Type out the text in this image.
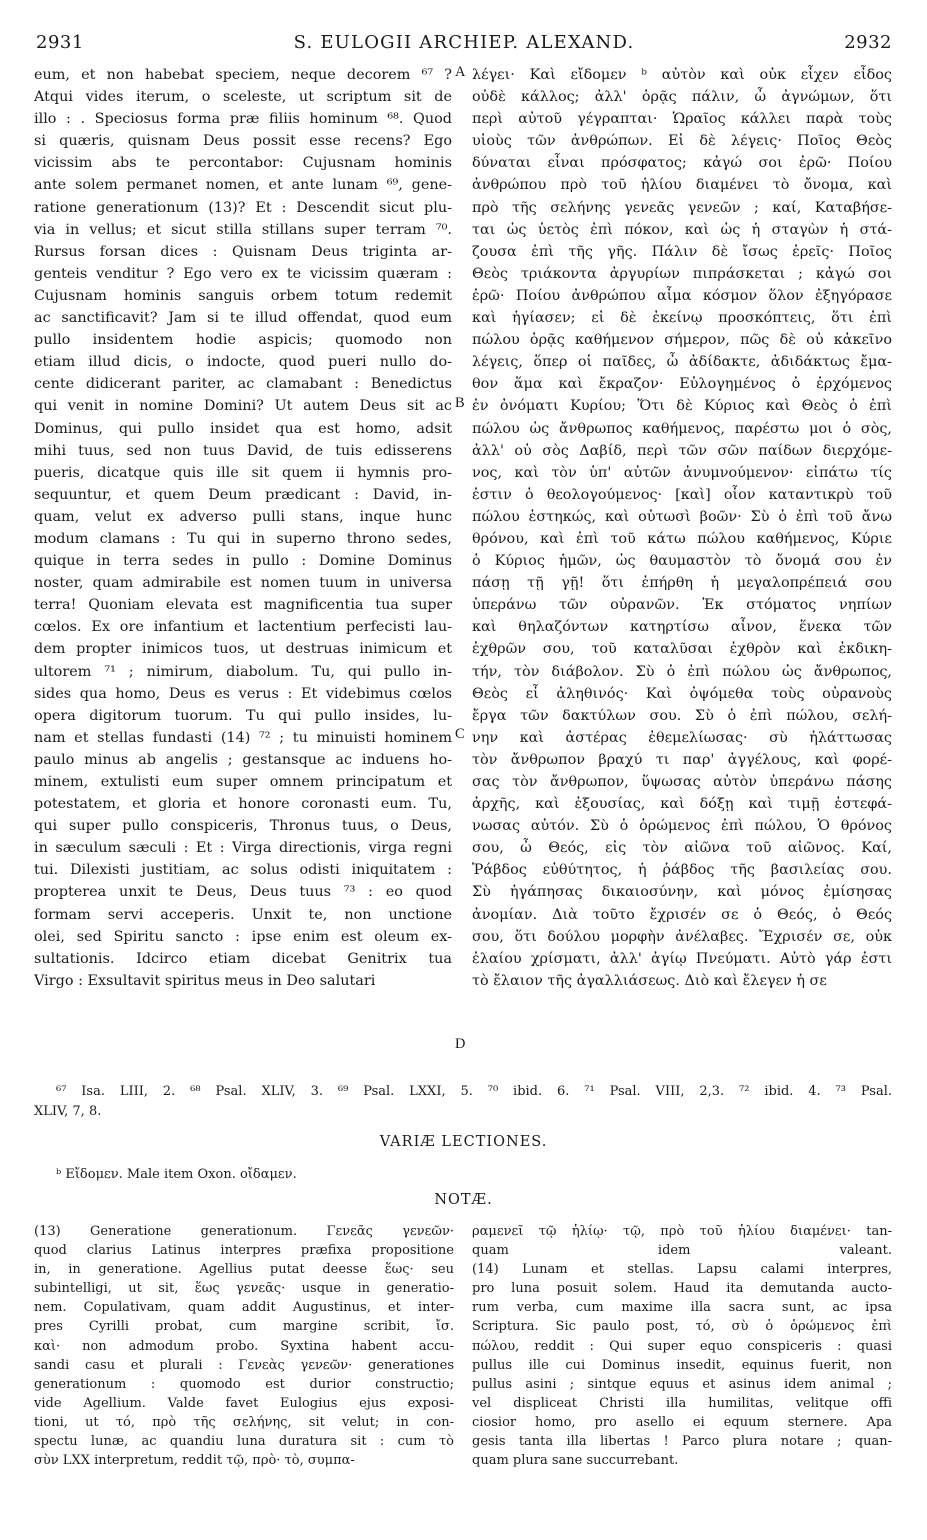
S. EULOGII ARCHIEP. ALEXAND.
2931	2932
eum, et non habebat speciem, neque decorem ⁶⁷ ?
Atqui vides iterum, o sceleste, ut scriptum sit de
illo : . Speciosus forma præ filiis hominum ⁶⁸. Quod
si quæris, quisnam Deus possit esse recens? Ego
vicissim abs te percontabor: Cujusnam hominis
ante solem permanet nomen, et ante lunam ⁶⁹, gene-
ratione generationum (13)? Et : Descendit sicut plu-
via in vellus; et sicut stilla stillans super terram ⁷⁰.
Rursus forsan dices : Quisnam Deus triginta ar-
genteis venditur ? Ego vero ex te vicissim quæram :
Cujusnam hominis sanguis orbem totum redemit
ac sanctificavit? Jam si te illud offendat, quod eum
pullo insidentem hodie aspicis; quomodo non
etiam illud dicis, o indocte, quod pueri nullo do-
cente didicerant pariter, ac clamabant : Benedictus
qui venit in nomine Domini? Ut autem Deus sit ac
Dominus, qui pullo insidet qua est homo, adsit
mihi tuus, sed non tuus David, de tuis edisserens
pueris, dicatque quis ille sit quem ii hymnis pro-
sequuntur, et quem Deum prædicant : David, in-
quam, velut ex adverso pulli stans, inque hunc
modum clamans : Tu qui in superno throno sedes,
quique in terra sedes in pullo : Domine Dominus
noster, quam admirabile est nomen tuum in universa
terra! Quoniam elevata est magnificentia tua super
cœlos. Ex ore infantium et lactentium perfecisti lau-
dem propter inimicos tuos, ut destruas inimicum et
ultorem ⁷¹ ; nimirum, diabolum. Tu, qui pullo in-
sides qua homo, Deus es verus : Et videbimus cœlos
opera digitorum tuorum. Tu qui pullo insides, lu-
nam et stellas fundasti (14) ⁷² ; tu minuisti hominem
paulo minus ab angelis ; gestansque ac induens ho-
minem, extulisti eum super omnem principatum et
potestatem, et gloria et honore coronasti eum. Tu,
qui super pullo conspiceris, Thronus tuus, o Deus,
in sæculum sæculi : Et : Virga directionis, virga regni
tui. Dilexisti justitiam, ac solus odisti iniquitatem :
propterea unxit te Deus, Deus tuus ⁷³ : eo quod
formam servi acceperis. Unxit te, non unctione
olei, sed Spiritu sancto : ipse enim est oleum ex-
sultationis. Idcirco etiam dicebat Genitrix tua
Virgo : Exsultavit spiritus meus in Deo salutari
λέγει· Καὶ εἴδομεν ᵇ αὐτὸν καὶ οὐκ εἶχεν εἶδος
οὐδὲ κάλλος; ἀλλ' ὁρᾷς πάλιν, ὦ ἀγνώμων, ὅτι
περὶ αὐτοῦ γέγραπται· Ὡραῖος κάλλει παρὰ τοὺς
υἱοὺς τῶν ἀνθρώπων. Εἰ δὲ λέγεις· Ποῖος Θεὸς
δύναται εἶναι πρόσφατος; κἀγώ σοι ἐρῶ· Ποίου
ἀνθρώπου πρὸ τοῦ ἡλίου διαμένει τὸ ὄνομα, καὶ
πρὸ τῆς σελήνης γενεᾶς γενεῶν ; καί, Καταβήσε-
ται ὡς ὑετὸς ἐπὶ πόκον, καὶ ὡς ἡ σταγὼν ἡ στά-
ζουσα ἐπὶ τῆς γῆς. Πάλιν δὲ ἴσως ἐρεῖς· Ποῖος
Θεὸς τριάκοντα ἀργυρίων πιπράσκεται ; κἀγώ σοι
ἐρῶ· Ποίου ἀνθρώπου αἷμα κόσμον ὅλον ἐξηγόρασε
καὶ ἡγίασεν; εἰ δὲ ἐκείνῳ προσκόπτεις, ὅτι ἐπὶ
πώλου ὁρᾷς καθήμενον σήμερον, πῶς δὲ οὐ κἀκεῖνο
λέγεις, ὅπερ οἱ παῖδες, ὦ ἀδίδακτε, ἀδιδάκτως ἔμα-
θον ἅμα καὶ ἔκραζον· Εὐλογημένος ὁ ἐρχόμενος
ἐν ὀνόματι Κυρίου; Ὅτι δὲ Κύριος καὶ Θεὸς ὁ ἐπὶ
πώλου ὡς ἄνθρωπος καθήμενος, παρέστω μοι ὁ σὸς,
ἀλλ' οὐ σὸς Δαβίδ, περὶ τῶν σῶν παίδων διερχόμε-
νος, καὶ τὸν ὑπ' αὐτῶν ἀνυμνούμενον· εἰπάτω τίς
ἐστιν ὁ θεολογούμενος· [καὶ] οἷον καταντικρὺ τοῦ
πώλου ἑστηκώς, καὶ οὑτωσὶ βοῶν· Σὺ ὁ ἐπὶ τοῦ ἄνω
θρόνου, καὶ ἐπὶ τοῦ κάτω πώλου καθήμενος, Κύριε
ὁ Κύριος ἡμῶν, ὡς θαυμαστὸν τὸ ὄνομά σου ἐν
πάσῃ τῇ γῇ! ὅτι ἐπήρθη ἡ μεγαλοπρέπειά σου
ὑπεράνω τῶν οὐρανῶν. Ἐκ στόματος νηπίων
καὶ θηλαζόντων κατηρτίσω αἶνον, ἕνεκα τῶν
ἐχθρῶν σου, τοῦ καταλῦσαι ἐχθρὸν καὶ ἐκδικη-
τήν, τὸν διάβολον. Σὺ ὁ ἐπὶ πώλου ὡς ἄνθρωπος,
Θεὸς εἶ ἀληθινός· Καὶ ὀψόμεθα τοὺς οὐρανοὺς
ἔργα τῶν δακτύλων σου. Σὺ ὁ ἐπὶ πώλου, σελή-
νην καὶ ἀστέρας ἐθεμελίωσας· σὺ ἠλάττωσας
τὸν ἄνθρωπον βραχύ τι παρ' ἀγγέλους, καὶ φορέ-
σας τὸν ἄνθρωπον, ὕψωσας αὐτὸν ὑπεράνω πάσης
ἀρχῆς, καὶ ἐξουσίας, καὶ δόξῃ καὶ τιμῇ ἐστεφά-
νωσας αὐτόν. Σὺ ὁ ὁρώμενος ἐπὶ πώλου, Ὁ θρόνος
σου, ὦ Θεός, εἰς τὸν αἰῶνα τοῦ αἰῶνος. Καί,
Ῥάβδος εὐθύτητος, ἡ ῥάβδος τῆς βασιλείας σου.
Σὺ ἠγάπησας δικαιοσύνην, καὶ μόνος ἐμίσησας
ἀνομίαν. Διὰ τοῦτο ἔχρισέν σε ὁ Θεός, ὁ Θεός
σου, ὅτι δούλου μορφὴν ἀνέλαβες. Ἔχρισέν σε, οὐκ
ἐλαίου χρίσματι, ἀλλ' ἁγίῳ Πνεύματι. Αὐτὸ γάρ ἐστι
τὸ ἔλαιον τῆς ἀγαλλιάσεως. Διὸ καὶ ἔλεγεν ἡ σε
A
B
C
D
⁶⁷ Isa. LIII, 2. ⁶⁸ Psal. XLIV, 3. ⁶⁹ Psal. LXXI, 5. ⁷⁰ ibid. 6. ⁷¹ Psal. VIII, 2,3. ⁷² ibid. 4. ⁷³ Psal.
XLIV, 7, 8.
VARIÆ LECTIONES.
ᵇ Εἴδομεν. Male item Oxon. οἴδαμεν.
NOTÆ.
(13) Generatione generationum. Γενεᾶς γενεῶν·
quod clarius Latinus interpres præfixa propositione
in, in generatione. Agellius putat deesse ἕως· seu
subintelligi, ut sit, ἕως γενεᾶς· usque in generatio-
nem. Copulativam, quam addit Augustinus, et inter-
pres Cyrilli probat, cum margine scribit, ἴσ.
καὶ· non admodum probo. Syxtina habent accu-
sandi casu et plurali : Γενεὰς γενεῶν· generationes
generationum : quomodo est durior constructio;
vide Agellium. Valde favet Eulogius ejus exposi-
tioni, ut τό, πρὸ τῆς σελήνης, sit velut; in con-
spectu lunæ, ac quandiu luna duratura sit : cum τὸ
σὺν LXX interpretum, reddit τῷ, πρὸ· τὸ, συμπα-
ραμενεῖ τῷ ἡλίῳ· τῷ, πρὸ τοῦ ἡλίου διαμένει· tan-
quam idem valeant.
(14) Lunam et stellas. Lapsu calami interpres,
pro luna posuit solem. Haud ita demutanda aucto-
rum verba, cum maxime illa sacra sunt, ac ipsa
Scriptura. Sic paulo post, τό, σὺ ὁ ὁρώμενος ἐπὶ
πώλου, reddit : Qui super equo conspiceris : quasi
pullus ille cui Dominus insedit, equinus fuerit, non
pullus asini ; sintque equus et asinus idem animal ;
vel displiceat Christi illa humilitas, velitque offi
ciosior homo, pro asello ei equum sternere. Apa
gesis tanta illa libertas ! Parco plura notare ; quan-
quam plura sane succurrebant.
